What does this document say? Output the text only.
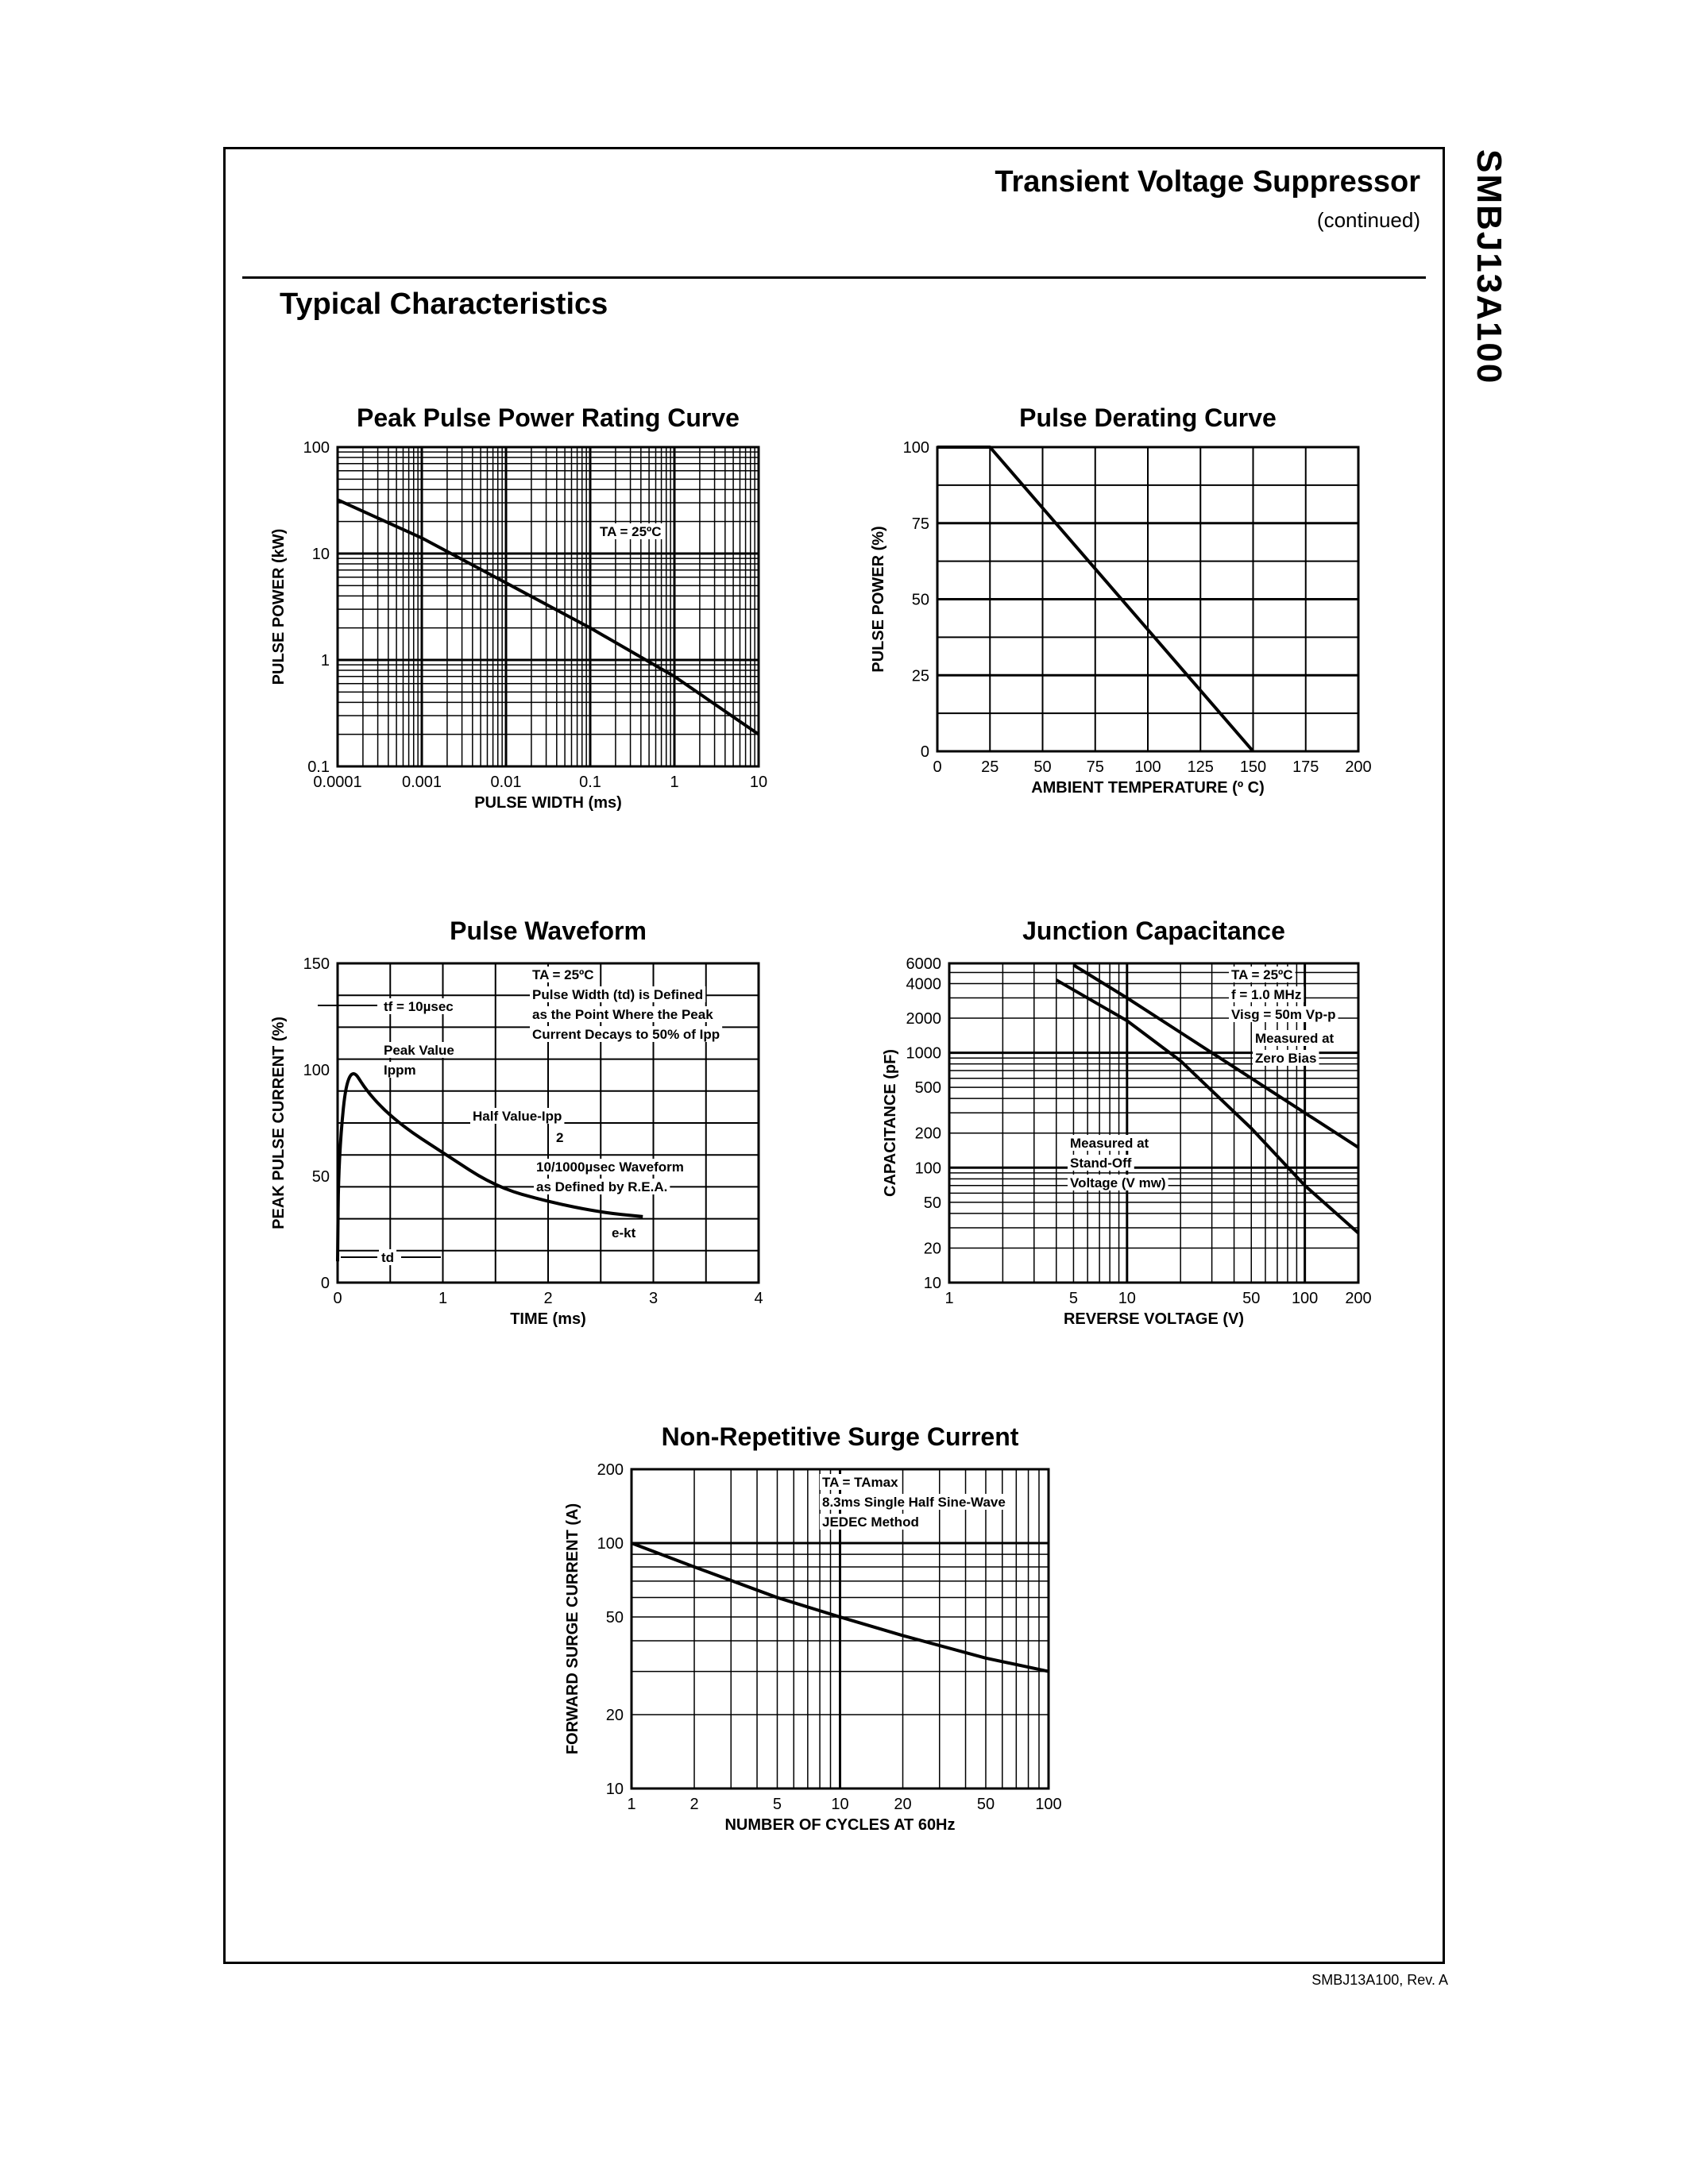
Transient Voltage Suppressor
(continued)
Typical Characteristics	SMBJ13A100
SMBJ13A100, Rev. A
Peak Pulse Power Rating Curve
0.0001	0.001	0.01	0.1	1	10
0.1
1
10
100
PULSE WIDTH (ms)
PULSE POWER (kW)	TA = 25ºC
Pulse Derating Curve
0 25 50 75 100 125 150 175 200
0
25
50
75
100
AMBIENT TEMPERATURE (º C)
PULSE POWER (%)
Pulse Waveform
0	1	2	3	4
0
50
100
150
TIME (ms)
PEAK PULSE CURRENT (%)
TA = 25ºC
Pulse Width (td) is Defined
as the Point Where the Peak
Current Decays to 50% of Ipp
tf = 10µsec
Peak Value
Ippm
Half Value-Ipp
2
10/1000µsec Waveform
as Defined by R.E.A.
e-kt
td
Junction Capacitance
1	5	10	50 100 200
10
20
50
100
200
500
1000
2000
4000
6000
REVERSE VOLTAGE (V)
CAPACITANCE (pF)
TA = 25ºC
f = 1.0 MHz
Visg = 50m Vp-p
Measured at
Zero Bias
Measured at
Stand-Off
Voltage (V mw)
Non-Repetitive Surge Current
1	2	5	10	20	50	100
10
20
50
100
200
NUMBER OF CYCLES AT 60Hz
FORWARD SURGE CURRENT (A)
TA = TAmax
8.3ms Single Half Sine-Wave
JEDEC Method
